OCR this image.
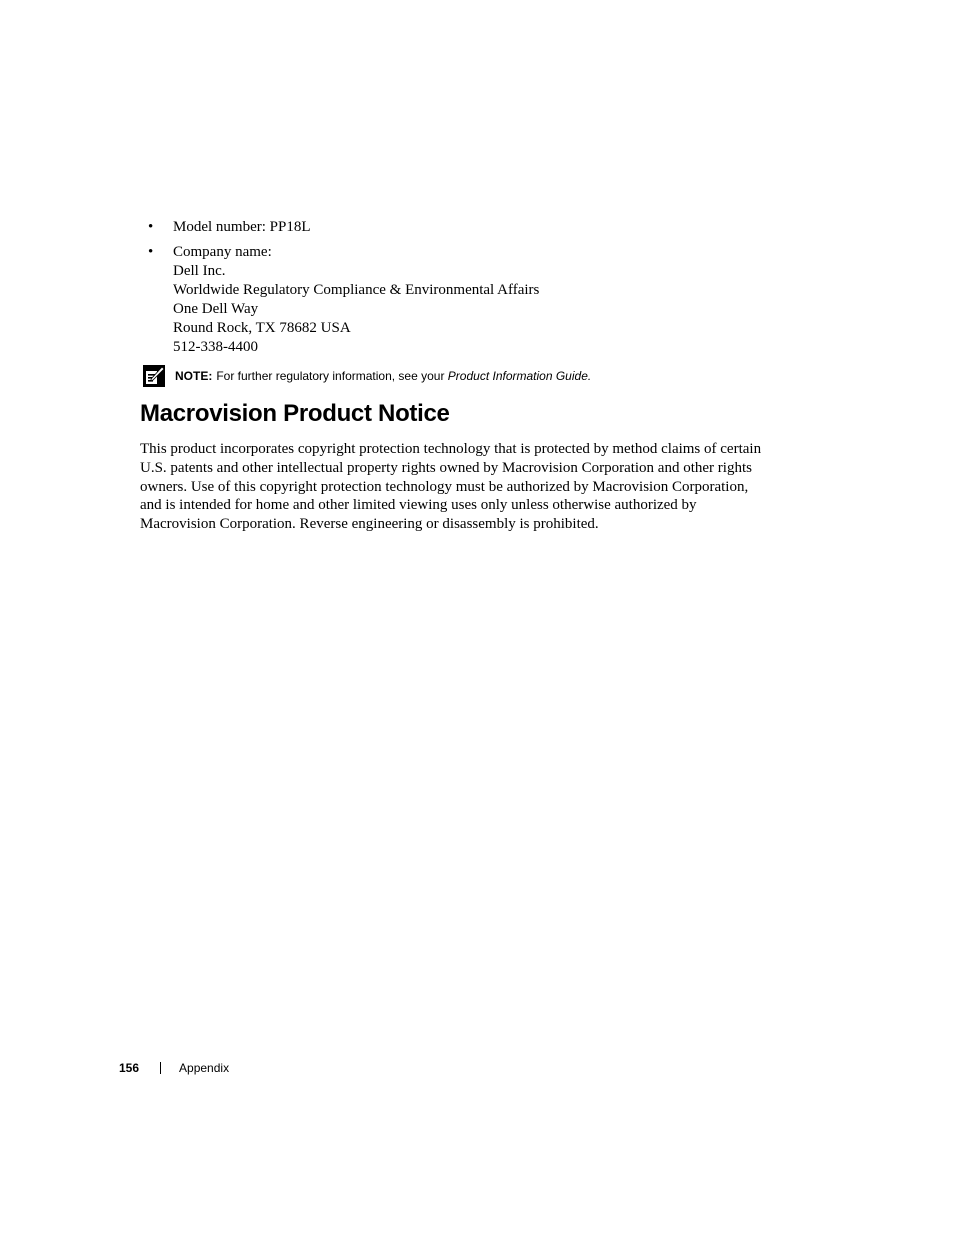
• Model number: PP18L
• Company name:
Dell Inc.
Worldwide Regulatory Compliance & Environmental Affairs
One Dell Way
Round Rock, TX 78682 USA
512-338-4400
NOTE: For further regulatory information, see your
Product Information Guide .
Macrovision Product Notice

This product incorporates copyright protection technology that is protected by method claims of certain
U.S. patents and other intellectual property rights owned by Macrovision Corporation and other rights
owners. Use of this copyright protection technology must be authorized by Macrovision Corporation,
and is intended for home and other limited viewing uses only unless otherwise authorized by
Macrovision Corporation. Reverse engineering or disassembly is prohibited.

156	Appendix
